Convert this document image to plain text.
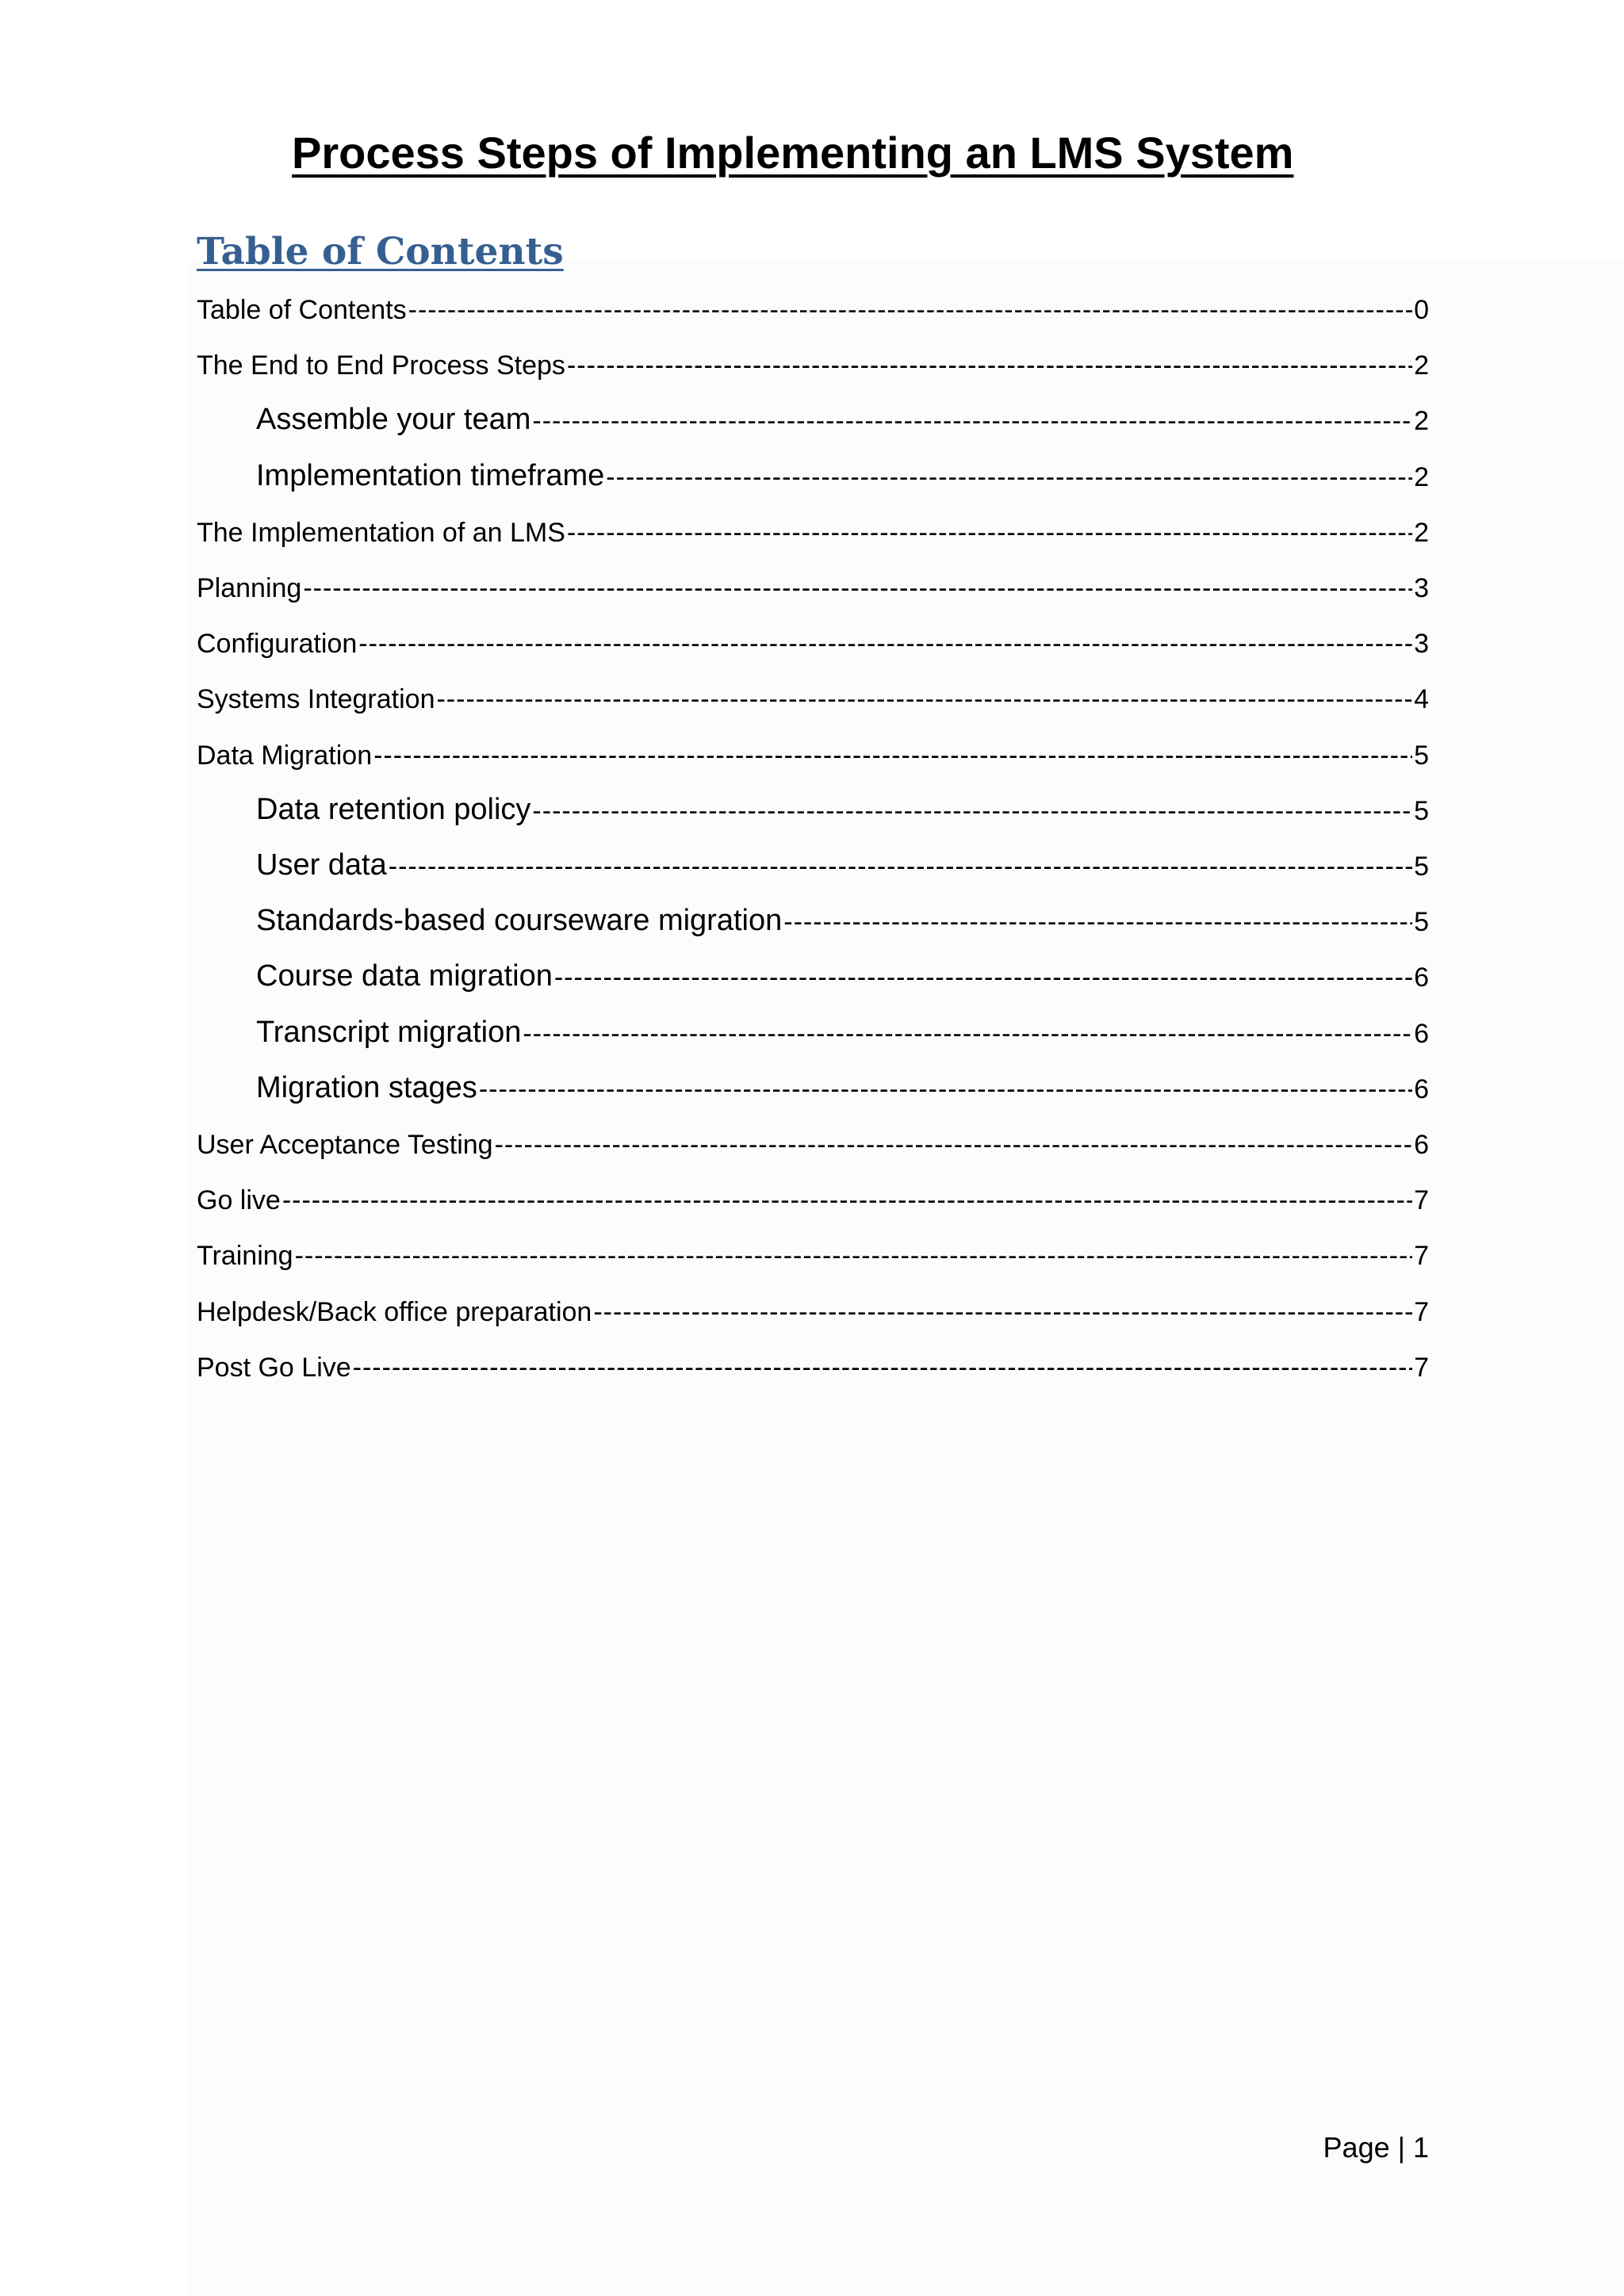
Process Steps of Implementing an LMS System
Table of Contents
Table of Contents -----	0
The End to End Process Steps -----	2
Assemble your team -----	2
Implementation timeframe -----	2
The Implementation of an LMS -----	2
Planning -----	3
Configuration -----	3
Systems Integration -----	4
Data Migration -----	5
Data retention policy -----	5
User data -----	5
Standards-based courseware migration -----	5
Course data migration -----	6
Transcript migration -----	6
Migration stages -----	6
User Acceptance Testing -----	6
Go live -----	7
Training -----	7
Helpdesk/Back office preparation -----	7
Post Go Live -----	7
Page | 1
